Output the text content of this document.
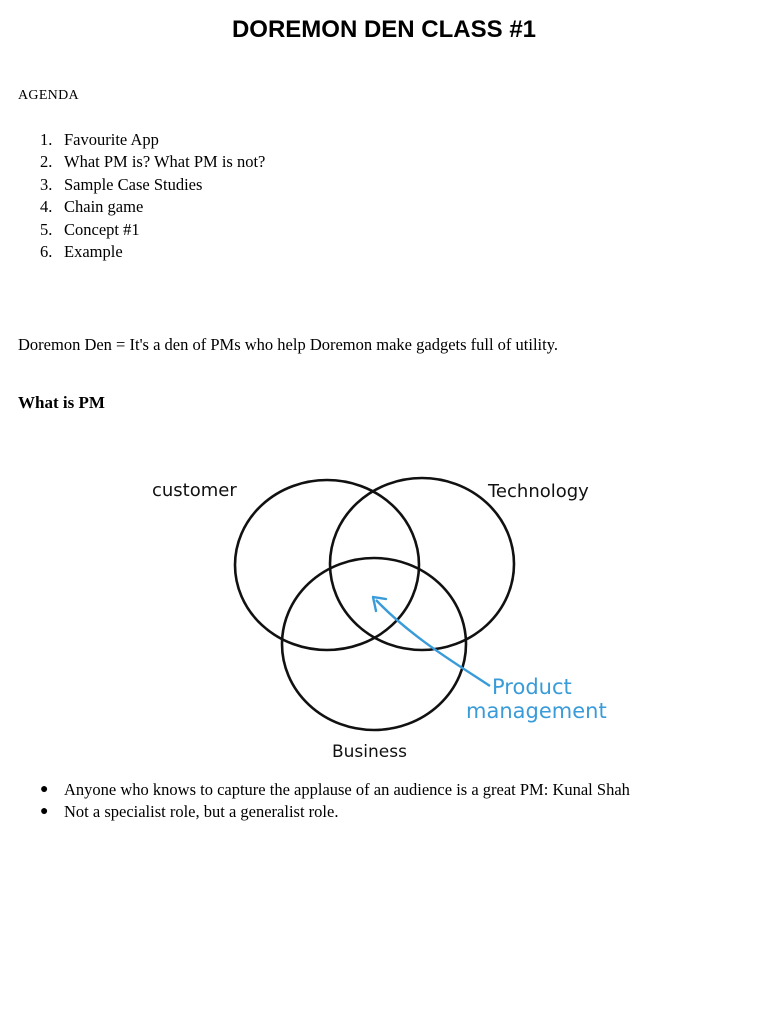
DOREMON DEN CLASS #1
AGENDA
1. Favourite App
2. What PM is? What PM is not?
3. Sample Case Studies
4. Chain game
5. Concept #1
6. Example
Doremon Den = It's a den of PMs who help Doremon make gadgets full of utility.
What is PM
customer	Technology
Business
Product
management
● Anyone who knows to capture the applause of an audience is a great PM: Kunal Shah
● Not a specialist role, but a generalist role.
